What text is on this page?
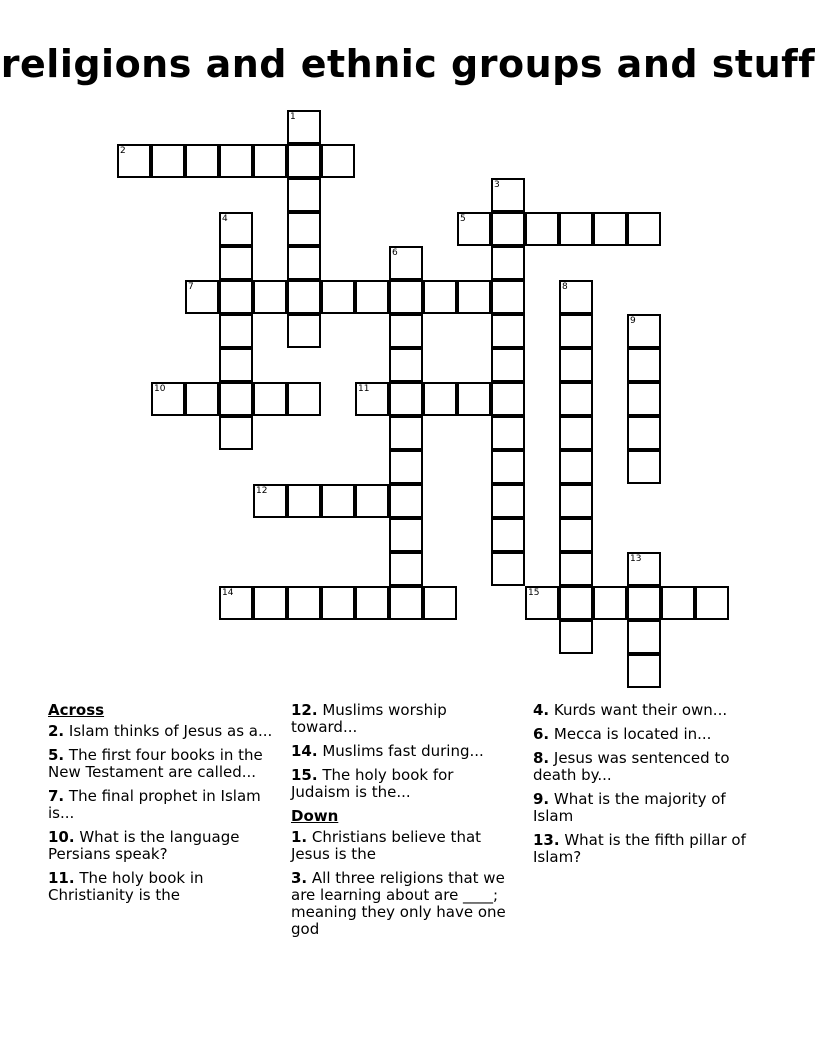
religions and ethnic groups and stuff
1
2
3
4	5
6
7	8
9
10	11
12
13
14	15
Across
2. Islam thinks of Jesus as a...
5. The first four books in the New Testament are called...
7. The final prophet in Islam is...
10. What is the language Persians speak?
11. The holy book in Christianity is the
12. Muslims worship toward...
14. Muslims fast during...
15. The holy book for Judaism is the...
Down
1. Christians believe that Jesus is the
3. All three religions that we are learning about are ____; meaning they only have one god
4. Kurds want their own...
6. Mecca is located in...
8. Jesus was sentenced to death by...
9. What is the majority of Islam
13. What is the fifth pillar of Islam?
